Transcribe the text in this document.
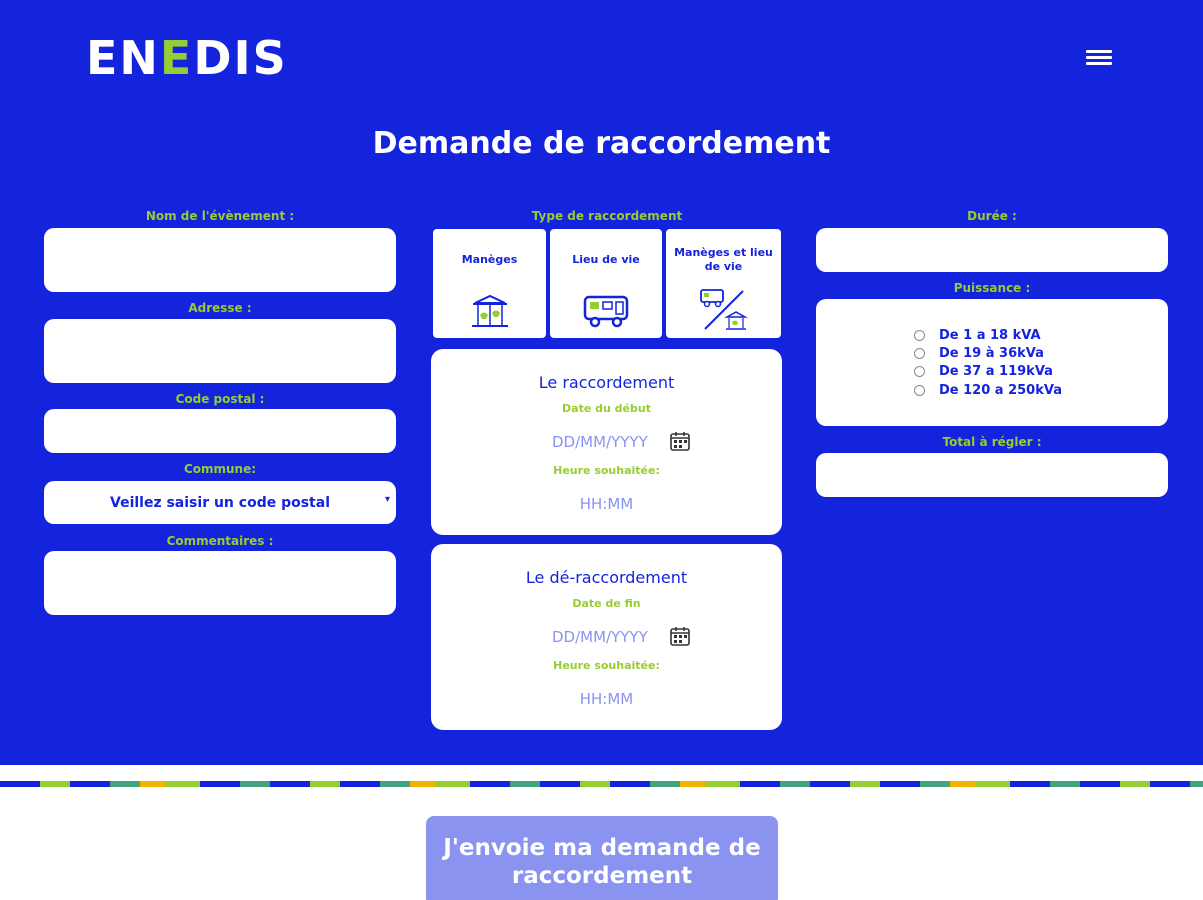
ENEDIS
Demande de raccordement
Nom de l'évènement :
Adresse :
Code postal :
Commune:
Veillez saisir un code postal	▾
Commentaires :
Type de raccordement
Manèges	Lieu de vie
Manèges et lieu de vie
Le raccordement
Date du début
DD/MM/YYYY
Heure souhaitée:
HH:MM
Le dé-raccordement
Date de fin
DD/MM/YYYY
Heure souhaitée:
HH:MM
Durée :
Puissance :
De 1 a 18 kVA
De 19 à 36kVa
De 37 a 119kVa
De 120 a 250kVa
Total à régler :
J'envoie ma demande de raccordement
